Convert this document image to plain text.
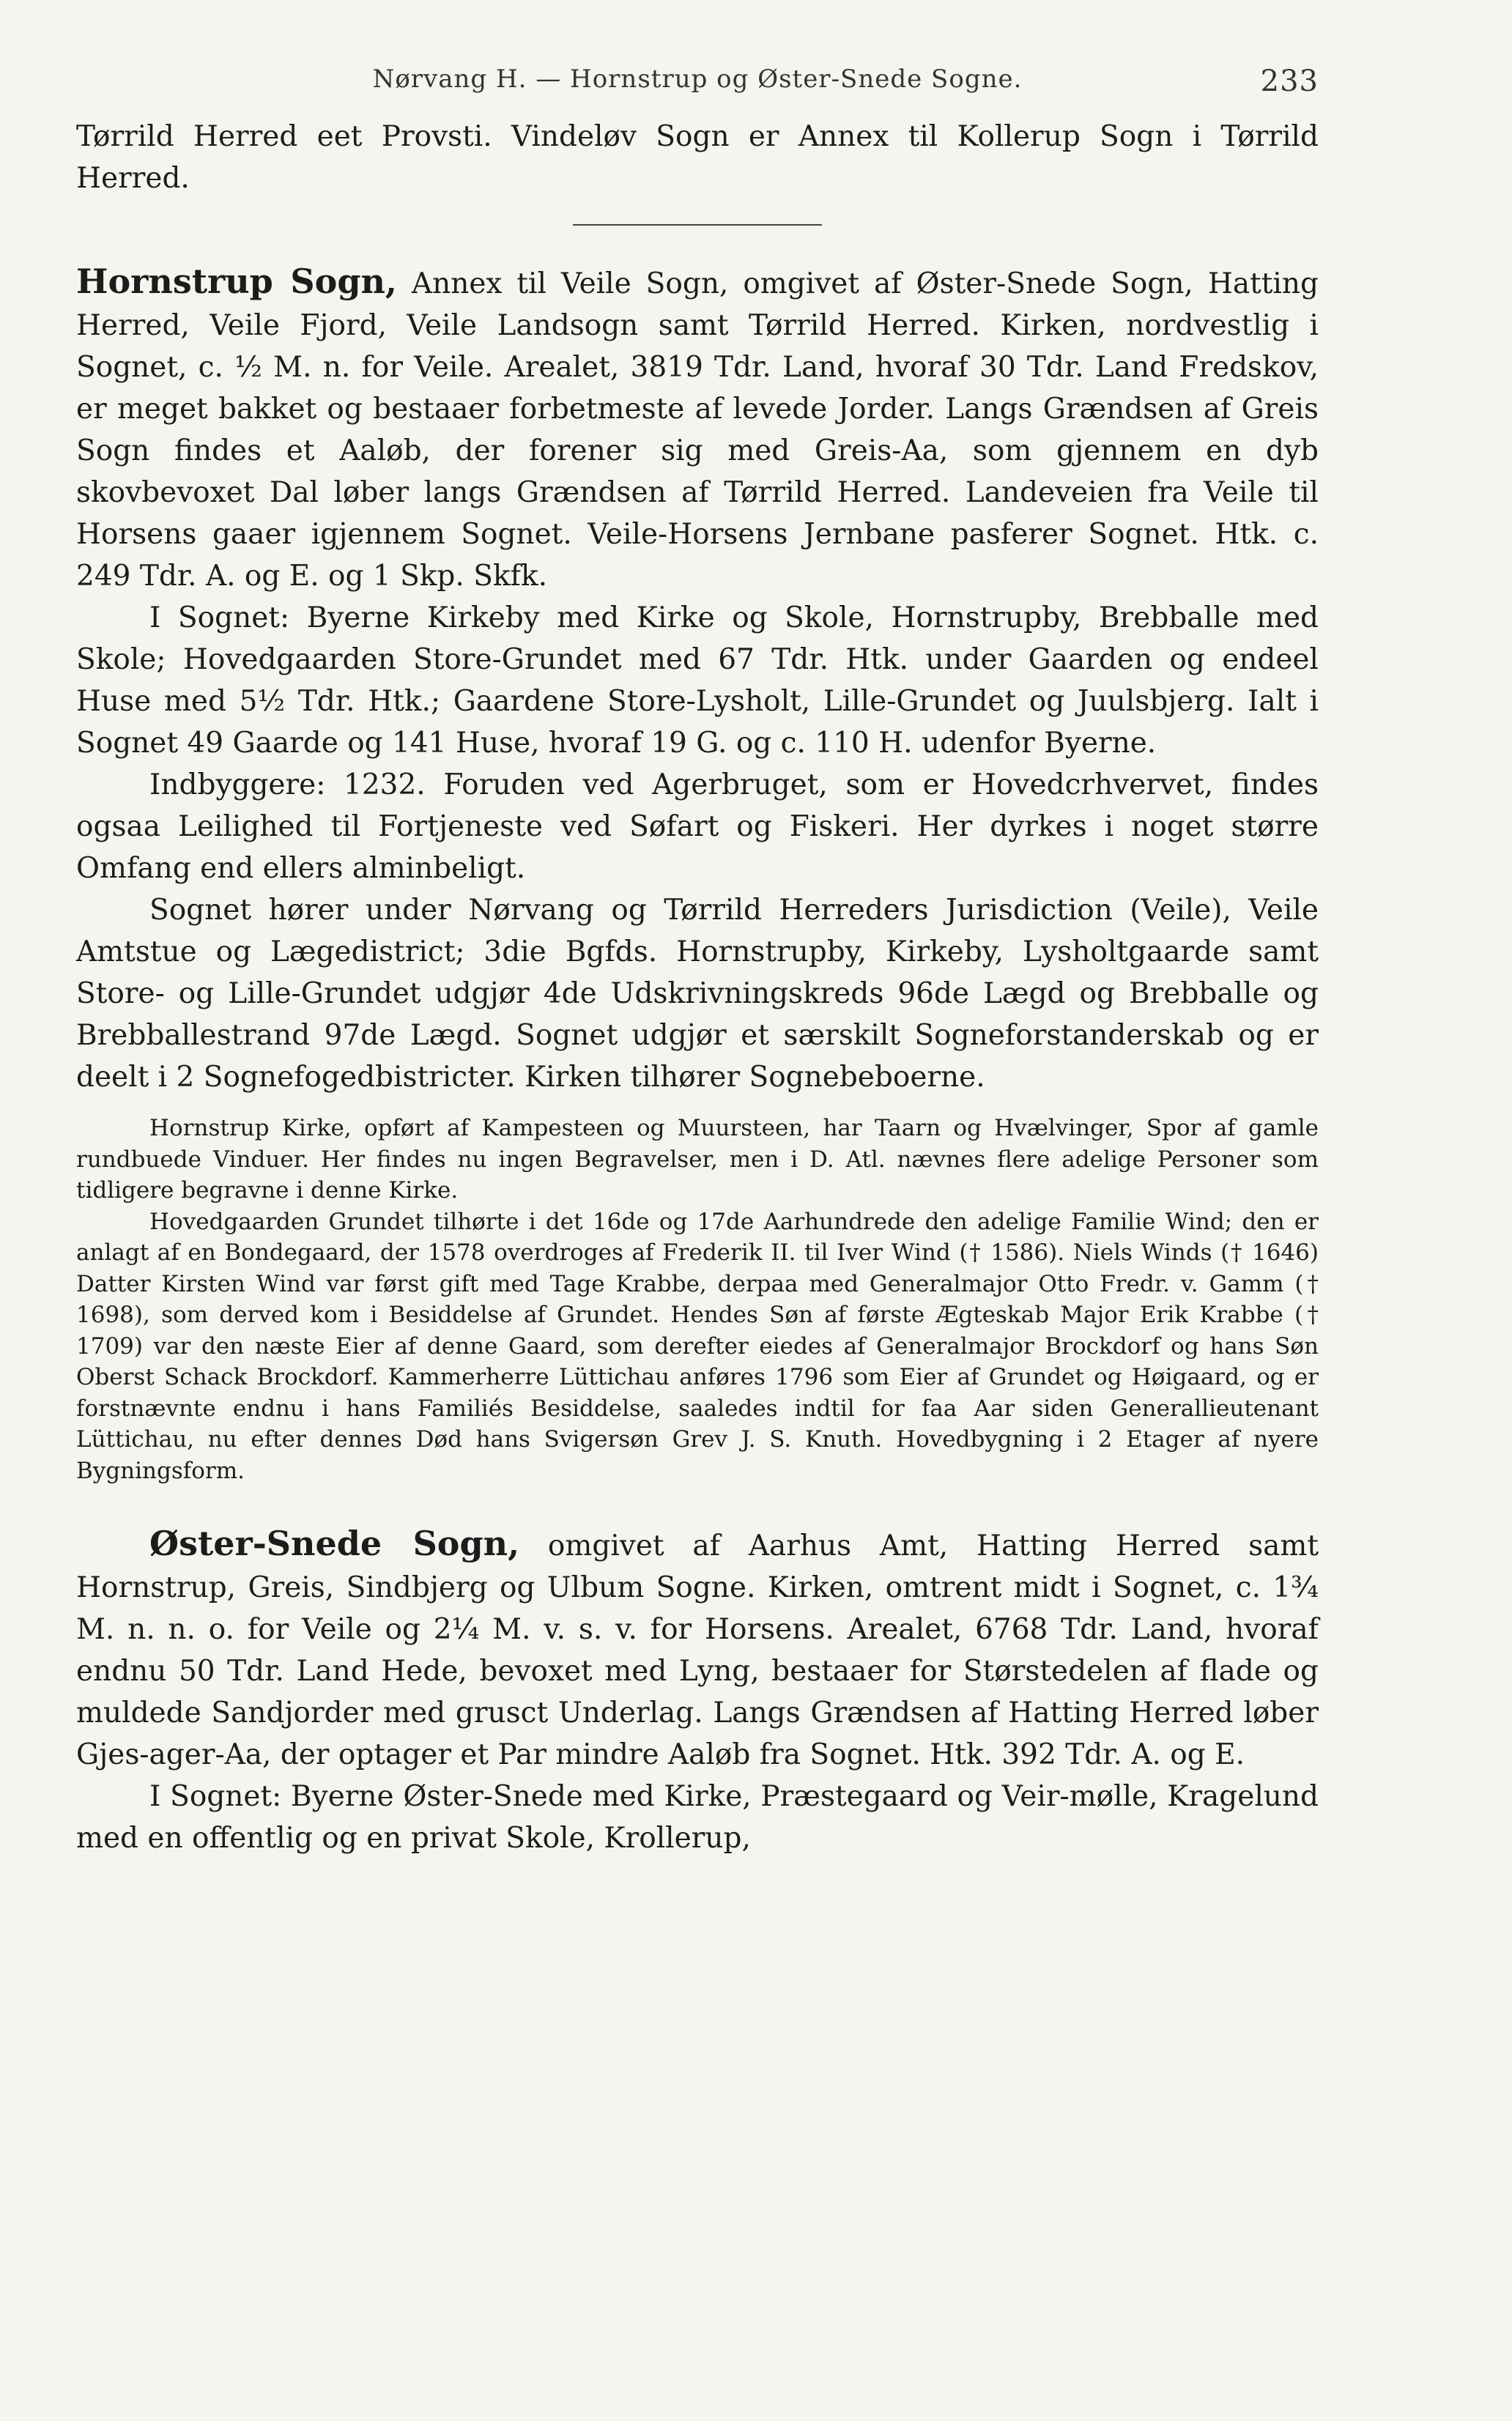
Nørvang H. — Hornstrup og Øster-Snede Sogne.	233

Tørrild Herred eet Provsti. Vindeløv Sogn er Annex til Kollerup Sogn i Tørrild Herred.

Hornstrup Sogn, Annex til Veile Sogn, omgivet af Øster-Snede Sogn, Hatting Herred, Veile Fjord, Veile Landsogn samt Tørrild Herred. Kirken, nordvestlig i Sognet, c. ½ M. n. for Veile. Arealet, 3819 Tdr. Land, hvoraf 30 Tdr. Land Fredskov, er meget bakket og bestaaer forbetmeste af levede Jorder. Langs Grændsen af Greis Sogn findes et Aaløb, der forener sig med Greis-Aa, som gjennem en dyb skovbevoxet Dal løber langs Grændsen af Tørrild Herred. Landeveien fra Veile til Horsens gaaer igjennem Sognet. Veile-Horsens Jernbane pasferer Sognet. Htk. c. 249 Tdr. A. og E. og 1 Skp. Skfk.

I Sognet: Byerne Kirkeby med Kirke og Skole, Hornstrupby, Brebballe med Skole; Hovedgaarden Store-Grundet med 67 Tdr. Htk. under Gaarden og endeel Huse med 5½ Tdr. Htk.; Gaardene Store-Lysholt, Lille-Grundet og Juulsbjerg. Ialt i Sognet 49 Gaarde og 141 Huse, hvoraf 19 G. og c. 110 H. udenfor Byerne.

Indbyggere: 1232. Foruden ved Agerbruget, som er Hovedcrhvervet, findes ogsaa Leilighed til Fortjeneste ved Søfart og Fiskeri. Her dyrkes i noget større Omfang end ellers alminbeligt.

Sognet hører under Nørvang og Tørrild Herreders Jurisdiction (Veile), Veile Amtstue og Lægedistrict; 3die Bgfds. Hornstrupby, Kirkeby, Lysholtgaarde samt Store- og Lille-Grundet udgjør 4de Udskrivningskreds 96de Lægd og Brebballe og Brebballestrand 97de Lægd. Sognet udgjør et særskilt Sogneforstanderskab og er deelt i 2 Sognefogedbistricter. Kirken tilhører Sognebeboerne.

Hornstrup Kirke, opført af Kampesteen og Muursteen, har Taarn og Hvælvinger, Spor af gamle rundbuede Vinduer. Her findes nu ingen Begravelser, men i D. Atl. nævnes flere adelige Personer som tidligere begravne i denne Kirke.

Hovedgaarden Grundet tilhørte i det 16de og 17de Aarhundrede den adelige Familie Wind; den er anlagt af en Bondegaard, der 1578 overdroges af Frederik II. til Iver Wind († 1586). Niels Winds († 1646) Datter Kirsten Wind var først gift med Tage Krabbe, derpaa med Generalmajor Otto Fredr. v. Gamm († 1698), som derved kom i Besiddelse af Grundet. Hendes Søn af første Ægteskab Major Erik Krabbe († 1709) var den næste Eier af denne Gaard, som derefter eiedes af Generalmajor Brockdorf og hans Søn Oberst Schack Brockdorf. Kammerherre Lüttichau anføres 1796 som Eier af Grundet og Høigaard, og er forstnævnte endnu i hans Familiés Besiddelse, saaledes indtil for faa Aar siden Generallieutenant Lüttichau, nu efter dennes Død hans Svigersøn Grev J. S. Knuth. Hovedbygning i 2 Etager af nyere Bygningsform.

Øster-Snede Sogn, omgivet af Aarhus Amt, Hatting Herred samt Hornstrup, Greis, Sindbjerg og Ulbum Sogne. Kirken, omtrent midt i Sognet, c. 1¾ M. n. n. o. for Veile og 2¼ M. v. s. v. for Horsens. Arealet, 6768 Tdr. Land, hvoraf endnu 50 Tdr. Land Hede, bevoxet med Lyng, bestaaer for Størstedelen af flade og muldede Sandjorder med grusct Underlag. Langs Grændsen af Hatting Herred løber Gjes-ager-Aa, der optager et Par mindre Aaløb fra Sognet. Htk. 392 Tdr. A. og E.

I Sognet: Byerne Øster-Snede med Kirke, Præstegaard og Veir-mølle, Kragelund med en offentlig og en privat Skole, Krollerup,
